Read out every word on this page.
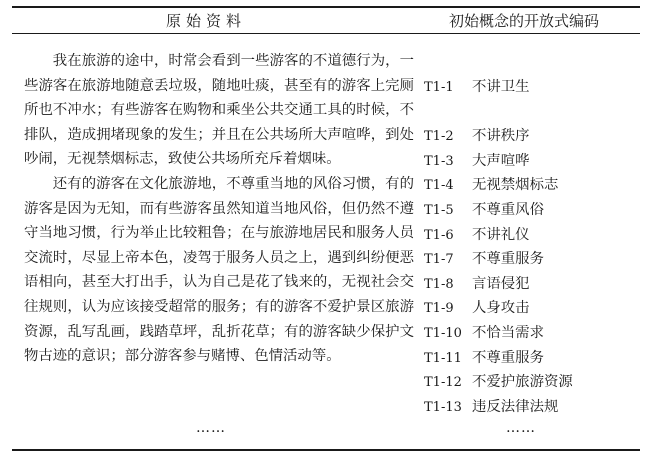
原始资料	初始概念的开放式编码

我在旅游的途中，时常会看到一些游客的不道德行为，一些游客在旅游地随意丢垃圾，随地吐痰，甚至有的游客上完厕所也不冲水；有些游客在购物和乘坐公共交通工具的时候，不排队，造成拥堵现象的发生；并且在公共场所大声喧哗，到处吵闹，无视禁烟标志，致使公共场所充斥着烟味。

还有的游客在文化旅游地，不尊重当地的风俗习惯，有的游客是因为无知，而有些游客虽然知道当地风俗，但仍然不遵守当地习惯，行为举止比较粗鲁；在与旅游地居民和服务人员交流时，尽显上帝本色，凌驾于服务人员之上，遇到纠纷便恶语相向，甚至大打出手，认为自己是花了钱来的，无视社会交往规则，认为应该接受超常的服务；有的游客不爱护景区旅游资源，乱写乱画，践踏草坪，乱折花草；有的游客缺少保护文物古迹的意识；部分游客参与赌博、色情活动等。

……
T1-1 不讲卫生
T1-2 不讲秩序
T1-3 大声喧哗
T1-4 无视禁烟标志
T1-5 不尊重风俗
T1-6 不讲礼仪
T1-7 不尊重服务
T1-8 言语侵犯
T1-9 人身攻击
T1-10 不恰当需求
T1-11 不尊重服务
T1-12 不爱护旅游资源
T1-13 违反法律法规
……
